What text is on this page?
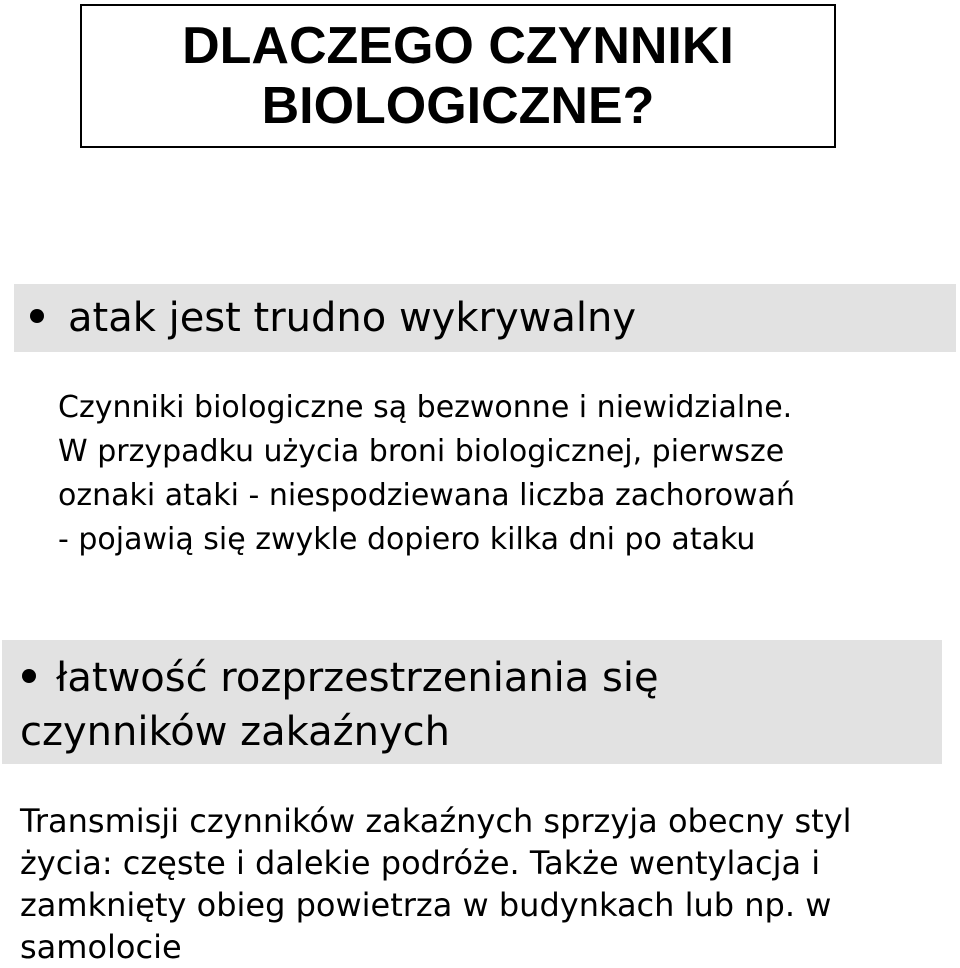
DLACZEGO CZYNNIKI
BIOLOGICZNE?
atak jest trudno wykrywalny
Czynniki biologiczne są bezwonne i niewidzialne.
W przypadku użycia broni biologicznej, pierwsze
oznaki ataki - niespodziewana liczba zachorowań
- pojawią się zwykle dopiero kilka dni po ataku
łatwość rozprzestrzeniania się
czynników zakaźnych
Transmisji czynników zakaźnych sprzyja obecny styl
życia: częste i dalekie podróże. Także wentylacja i
zamknięty obieg powietrza w budynkach lub np. w
samolocie
